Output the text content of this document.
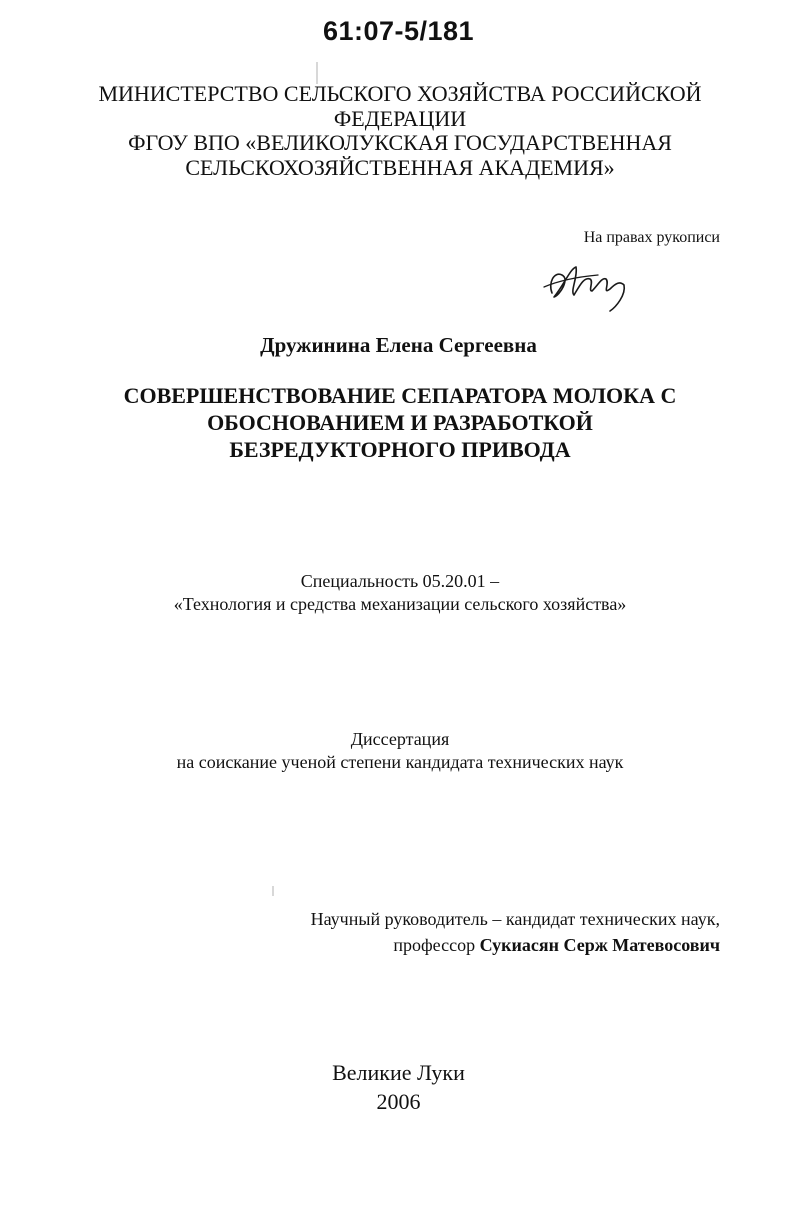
61:07-5/181
МИНИСТЕРСТВО СЕЛЬСКОГО ХОЗЯЙСТВА РОССИЙСКОЙ
ФЕДЕРАЦИИ
ФГОУ ВПО «ВЕЛИКОЛУКСКАЯ ГОСУДАРСТВЕННАЯ
СЕЛЬСКОХОЗЯЙСТВЕННАЯ АКАДЕМИЯ»
На правах рукописи
Дружинина Елена Сергеевна
СОВЕРШЕНСТВОВАНИЕ СЕПАРАТОРА МОЛОКА С
ОБОСНОВАНИЕМ И РАЗРАБОТКОЙ
БЕЗРЕДУКТОРНОГО ПРИВОДА
Специальность 05.20.01 –
«Технология и средства механизации сельского хозяйства»
Диссертация
на соискание ученой степени кандидата технических наук
Научный руководитель – кандидат технических наук,
профессор Сукиасян Серж Матевосович
Великие Луки
2006
